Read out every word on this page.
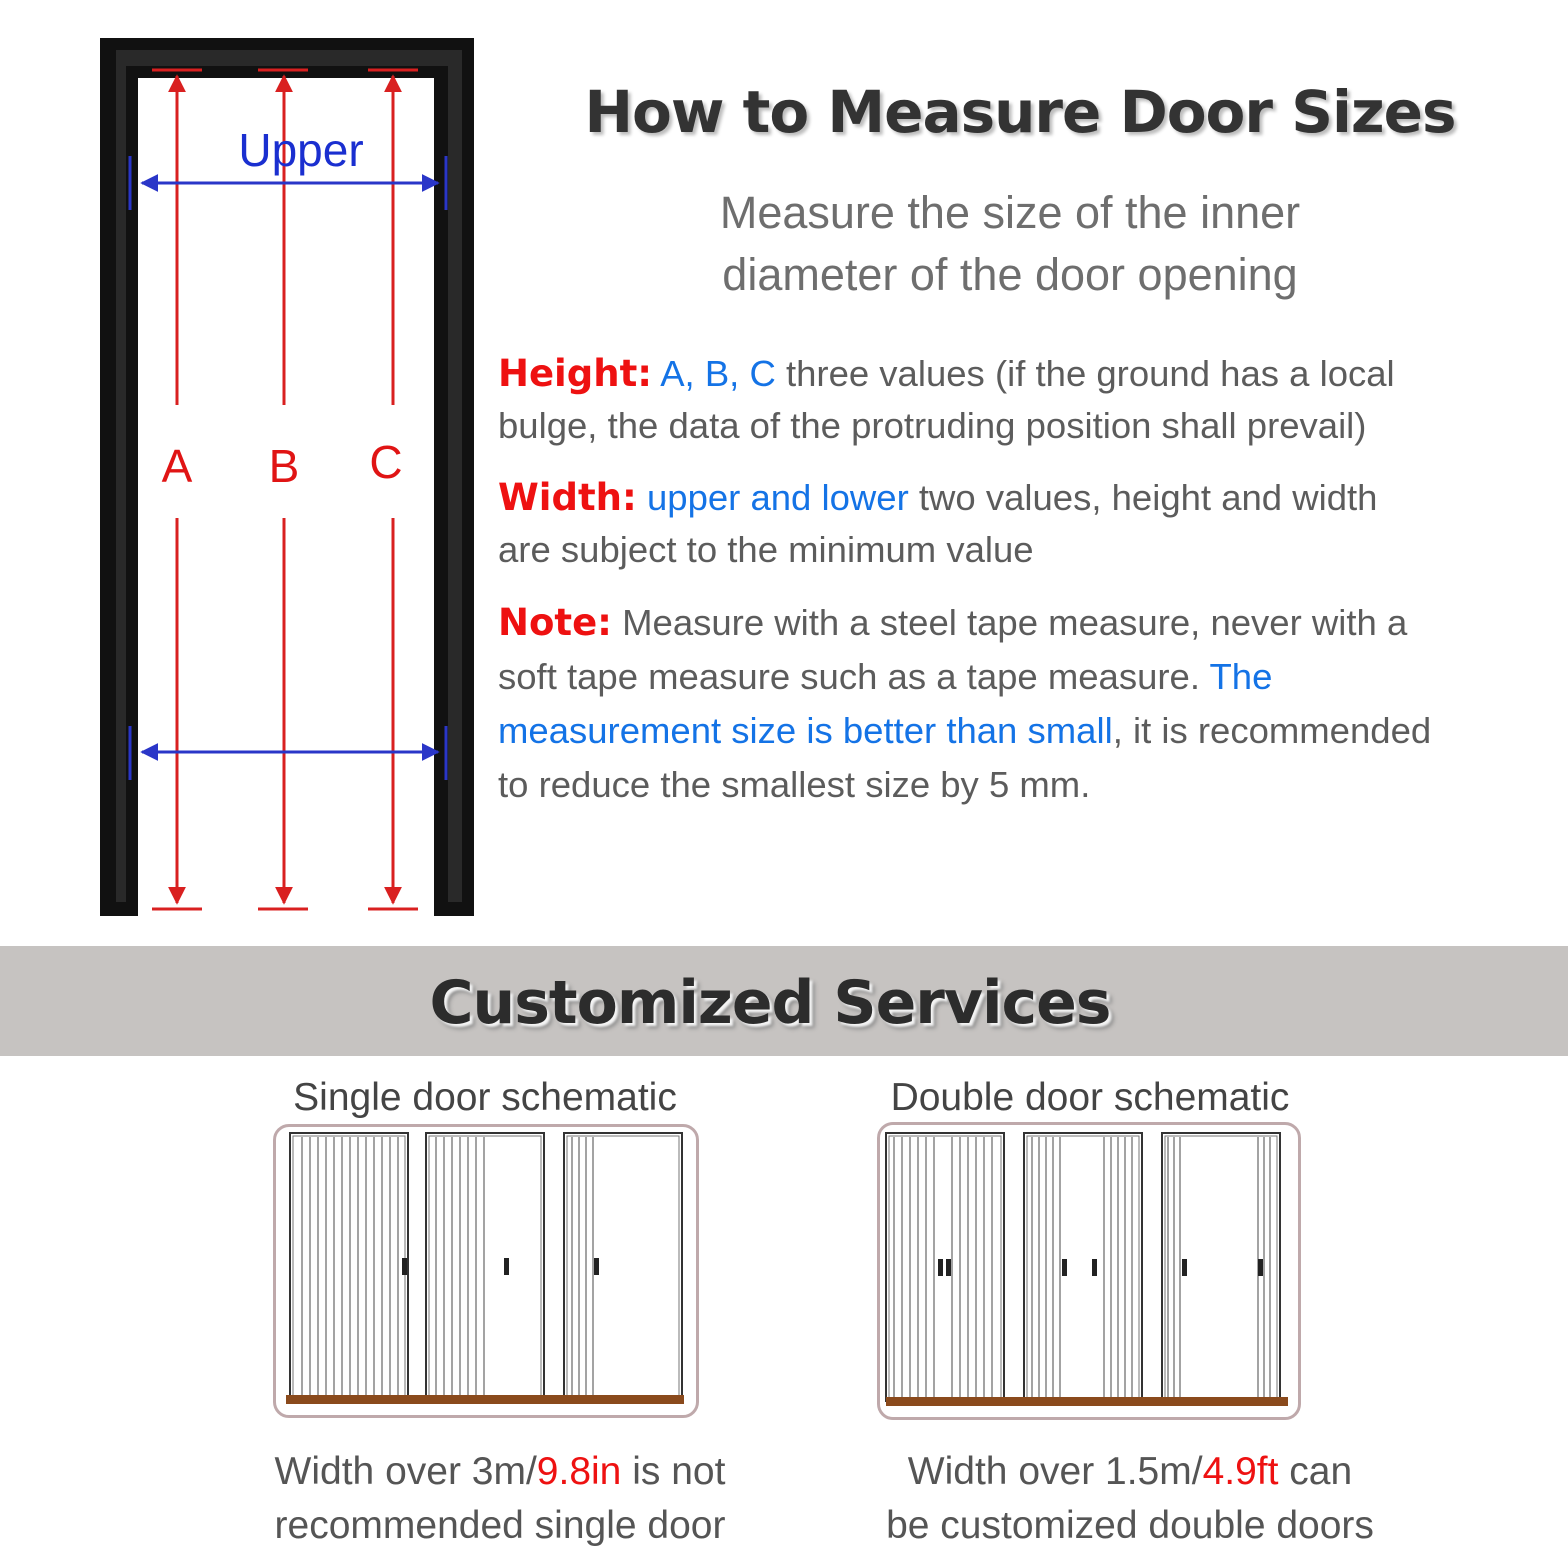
A B C
Upper
How to Measure Door Sizes
Measure the size of the inner
diameter of the door opening
Height: A, B, C three values (if the ground has a local
bulge, the data of the protruding position shall prevail)
Width: upper and lower two values, height and width
are subject to the minimum value
Note: Measure with a steel tape measure, never with a
soft tape measure such as a tape measure. The
measurement size is better than small, it is recommended
to reduce the smallest size by 5 mm.
Customized Services
Single door schematic
Width over 3m/9.8in is not
recommended single door
Double door schematic
Width over 1.5m/4.9ft can
be customized double doors
